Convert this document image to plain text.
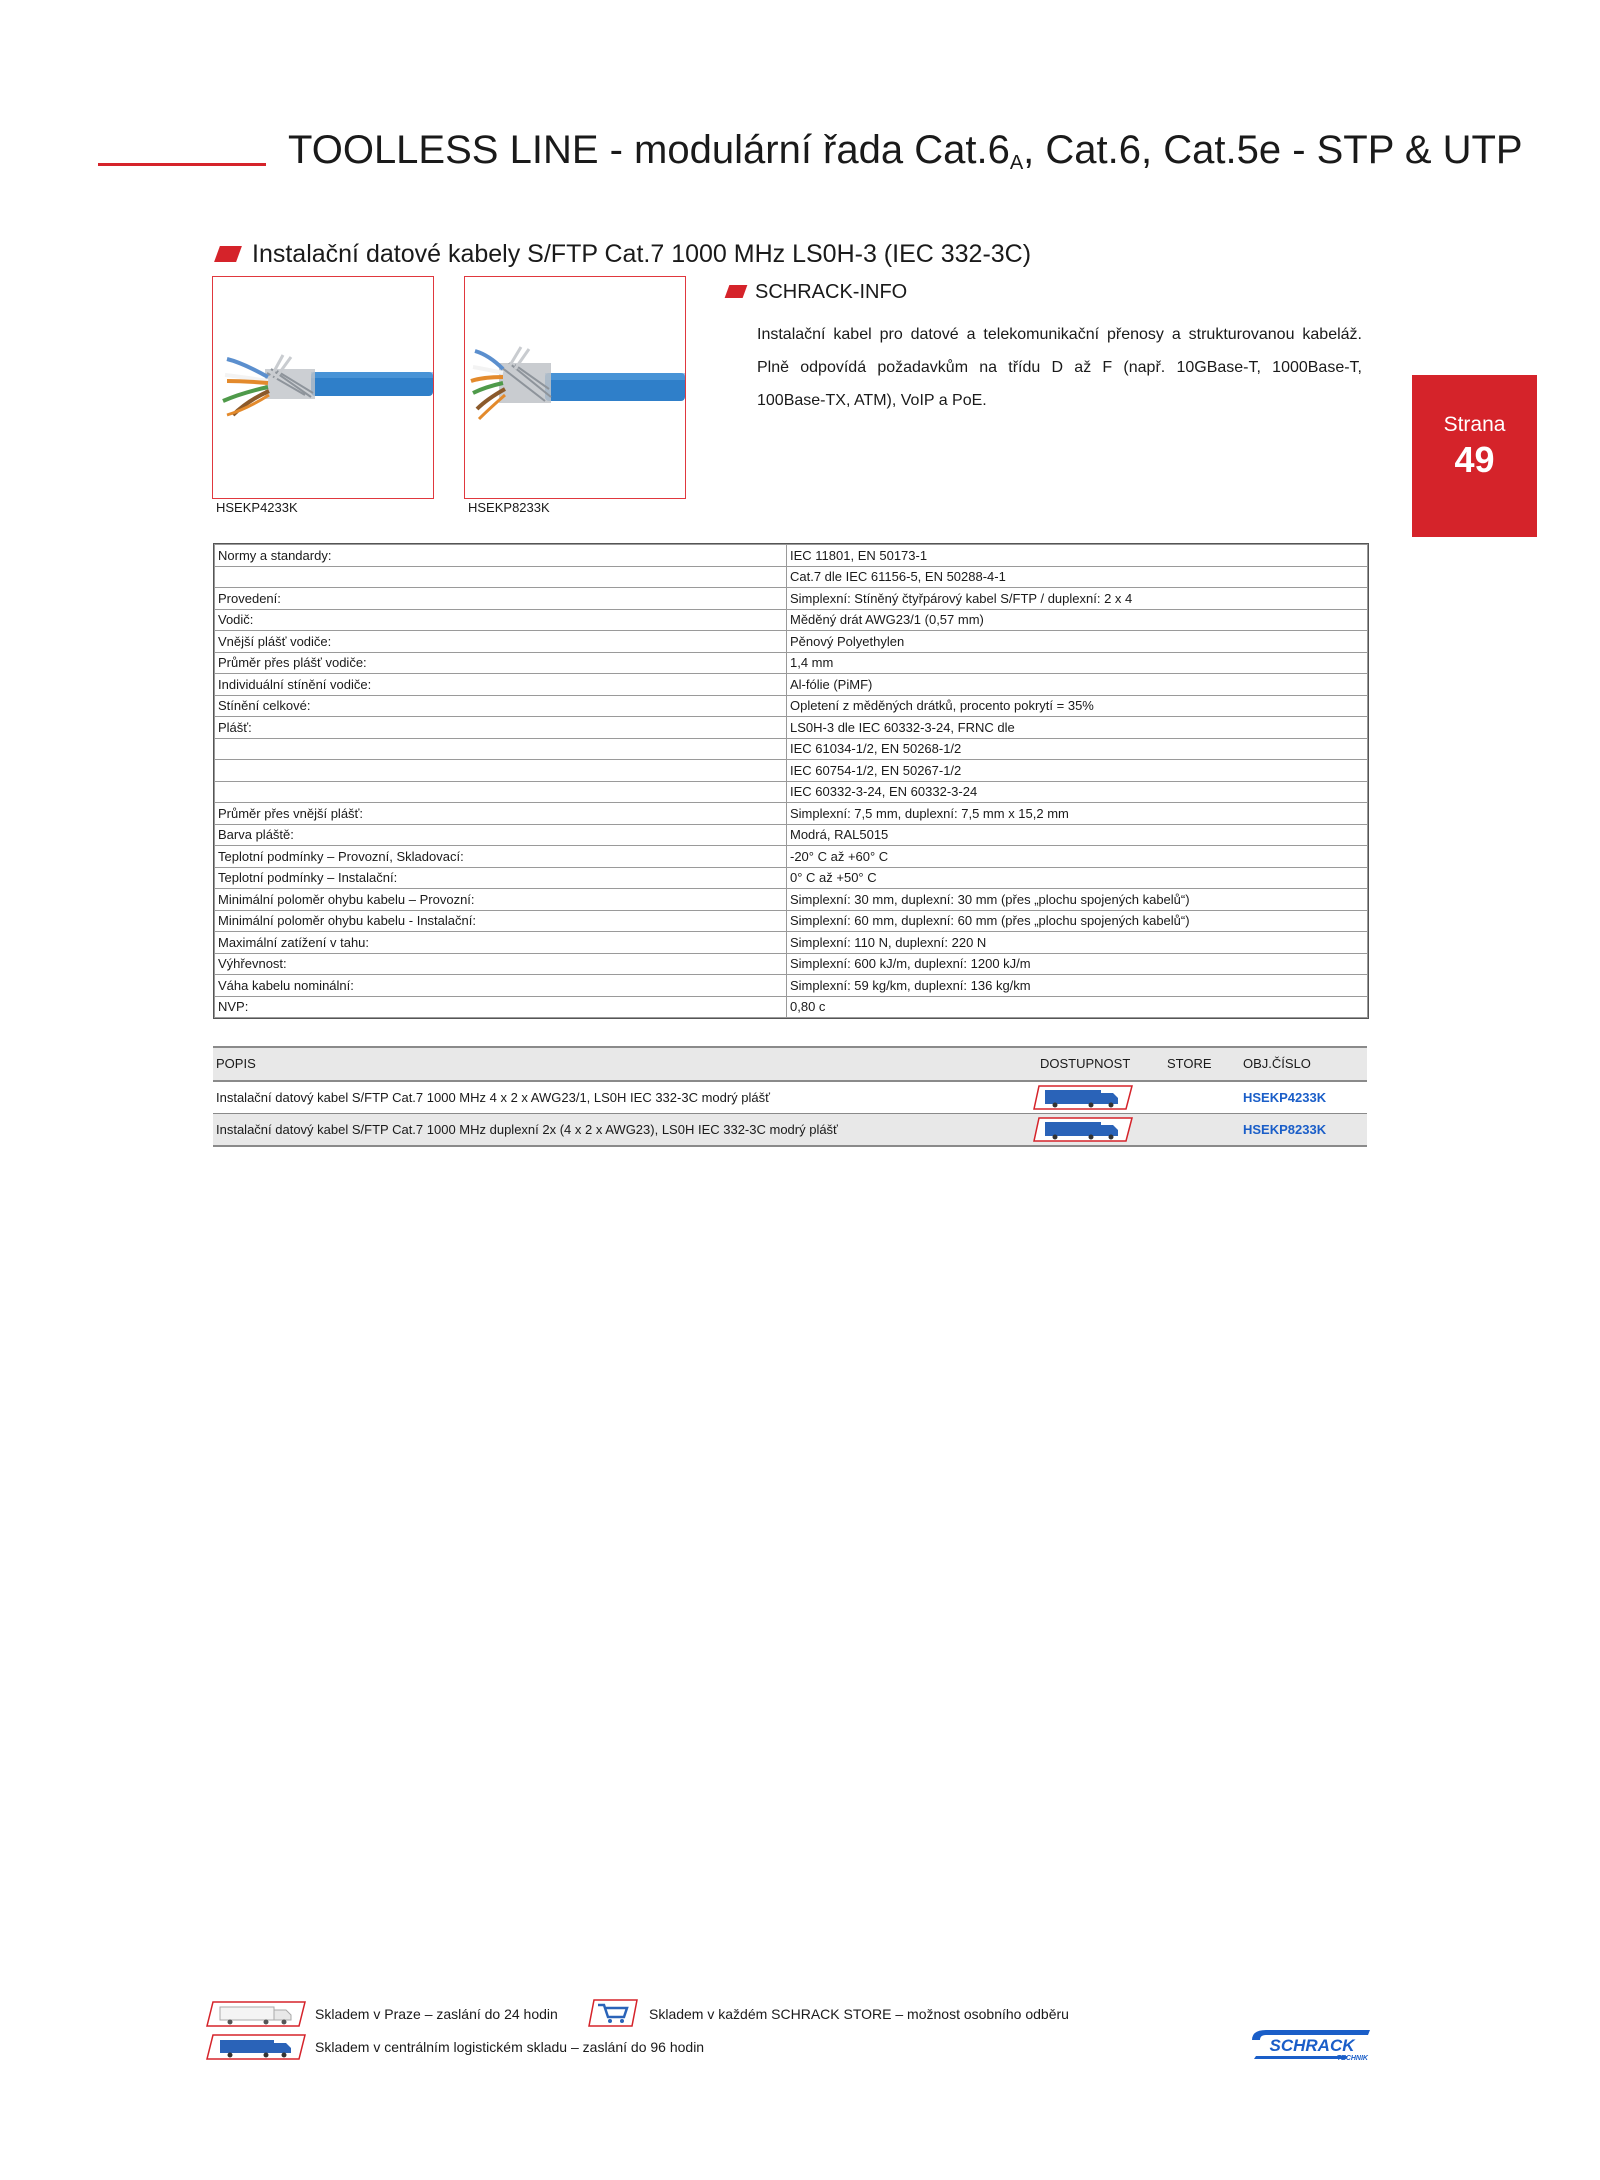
TOOLLESS LINE - modulární řada $Cat.6_A$, Cat.6, Cat.5e - STP & UTP
Strana
49
Instalační datové kabely S/FTP Cat.7 1000 MHz LS0H-3 (IEC 332-3C)
HSEKP4233K	HSEKP8233K
SCHRACK-INFO
Instalační kabel pro datové a telekomunikační přenosy a strukturovanou kabeláž. Plně odpovídá požadavkům na třídu D až F (např. 10GBase-T, 1000Base-T, 100Base-TX, ATM), VoIP a PoE.
Normy a standardy:	IEC 11801, EN 50173-1
	Cat.7 dle IEC 61156-5, EN 50288-4-1
Provedení:	Simplexní: Stíněný čtyřpárový kabel S/FTP / duplexní: 2 x 4
Vodič:	Měděný drát AWG23/1 (0,57 mm)
Vnější plášť vodiče:	Pěnový Polyethylen
Průměr přes plášť vodiče:	1,4 mm
Individuální stínění vodiče:	Al-fólie (PiMF)
Stínění celkové:	Opletení z měděných drátků, procento pokrytí = 35%
Plášť:	LS0H-3 dle IEC 60332-3-24, FRNC dle
	IEC 61034-1/2, EN 50268-1/2
	IEC 60754-1/2, EN 50267-1/2
	IEC 60332-3-24, EN 60332-3-24
Průměr přes vnější plášť:	Simplexní: 7,5 mm, duplexní: 7,5 mm x 15,2 mm
Barva pláště:	Modrá, RAL5015
Teplotní podmínky – Provozní, Skladovací:	-20° C až +60° C
Teplotní podmínky – Instalační:	0° C až +50° C
Minimální poloměr ohybu kabelu – Provozní:	Simplexní: 30 mm, duplexní: 30 mm (přes „plochu spojených kabelů“)
Minimální poloměr ohybu kabelu - Instalační:	Simplexní: 60 mm, duplexní: 60 mm (přes „plochu spojených kabelů“)
Maximální zatížení v tahu:	Simplexní: 110 N, duplexní: 220 N
Výhřevnost:	Simplexní: 600 kJ/m, duplexní: 1200 kJ/m
Váha kabelu nominální:	Simplexní: 59 kg/km, duplexní: 136 kg/km
NVP:	0,80 c
POPIS	DOSTUPNOST	STORE OBJ.ČÍSLO
Instalační datový kabel S/FTP Cat.7 1000 MHz 4 x 2 x AWG23/1, LS0H IEC 332-3C modrý plášť	HSEKP4233K
Instalační datový kabel S/FTP Cat.7 1000 MHz duplexní 2x (4 x 2 x AWG23), LS0H IEC 332-3C modrý plášť	HSEKP8233K
Skladem v Praze – zaslání do 24 hodin	Skladem v každém SCHRACK STORE – možnost osobního odběru
Skladem v centrálním logistickém skladu – zaslání do 96 hodin	SCHRACK
TECHNIK
